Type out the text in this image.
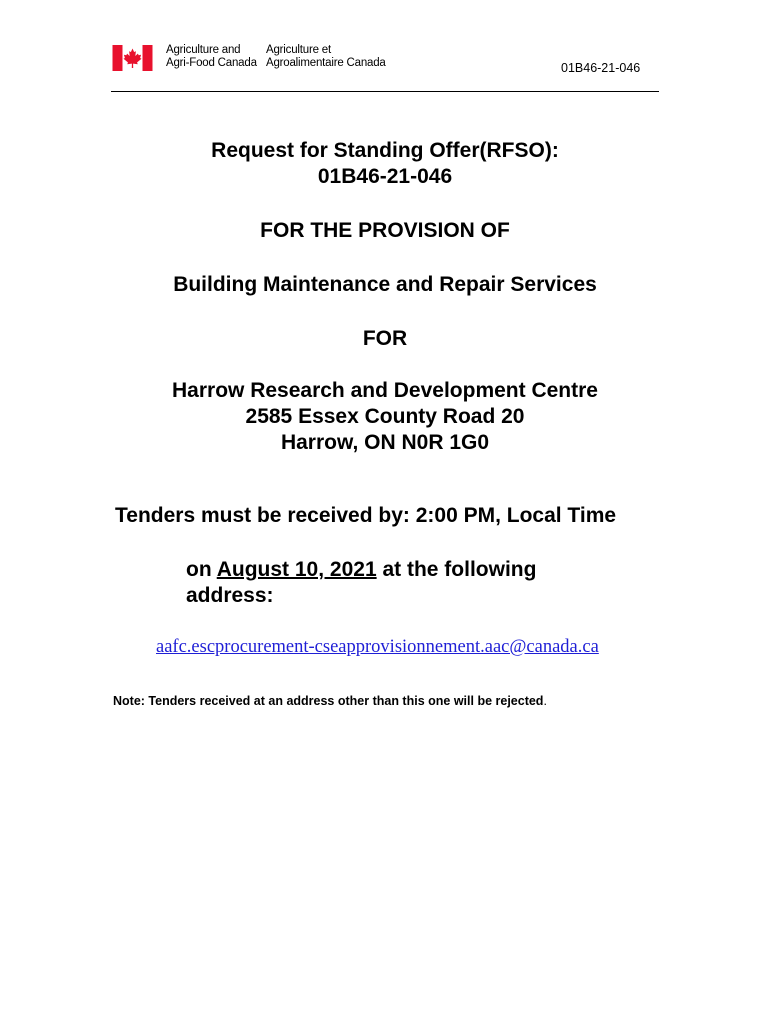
Agriculture and
Agri-Food Canada
Agriculture et
Agroalimentaire Canada	01B46-21-046
Request for Standing Offer(RFSO):
01B46-21-046
FOR THE PROVISION OF
Building Maintenance and Repair Services
FOR
Harrow Research and Development Centre
2585 Essex County Road 20
Harrow, ON N0R 1G0
Tenders must be received by: 2:00 PM, Local Time
on August 10, 2021 at the following address:
aafc.escprocurement-cseapprovisionnement.aac@canada.ca
Note: Tenders received at an address other than this one will be rejected.
